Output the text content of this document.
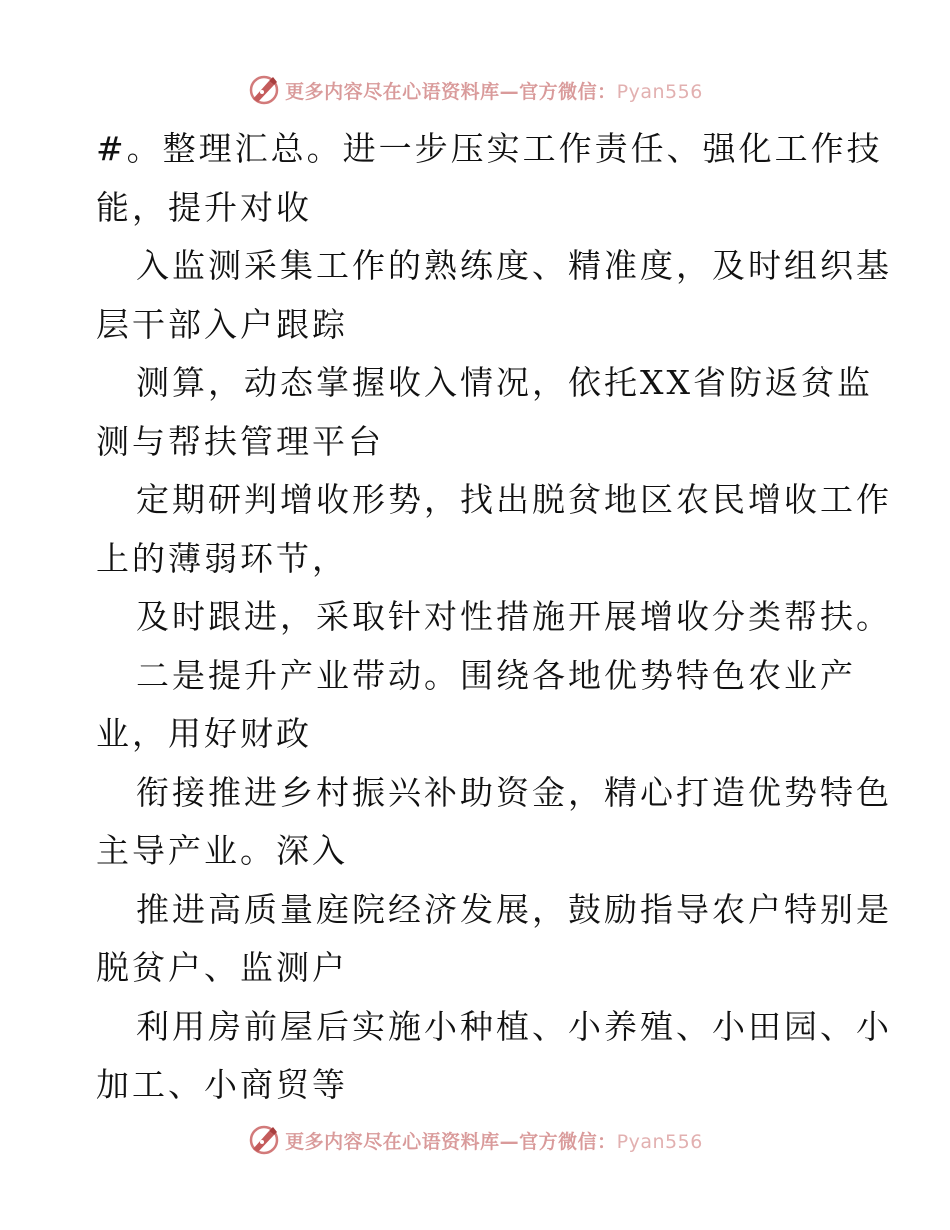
更多内容尽在心语资料库—官方微信：Pyan556
#。整理汇总。进一步压实工作责任、强化工作技
能，提升对收
入监测采集工作的熟练度、精准度，及时组织基
层干部入户跟踪
测算，动态掌握收入情况，依托XX省防返贫监
测与帮扶管理平台
定期研判增收形势，找出脱贫地区农民增收工作
上的薄弱环节，
及时跟进，采取针对性措施开展增收分类帮扶。
二是提升产业带动。围绕各地优势特色农业产
业，用好财政
衔接推进乡村振兴补助资金，精心打造优势特色
主导产业。深入
推进高质量庭院经济发展，鼓励指导农户特别是
脱贫户、监测户
利用房前屋后实施小种植、小养殖、小田园、小
加工、小商贸等
更多内容尽在心语资料库—官方微信：Pyan556
